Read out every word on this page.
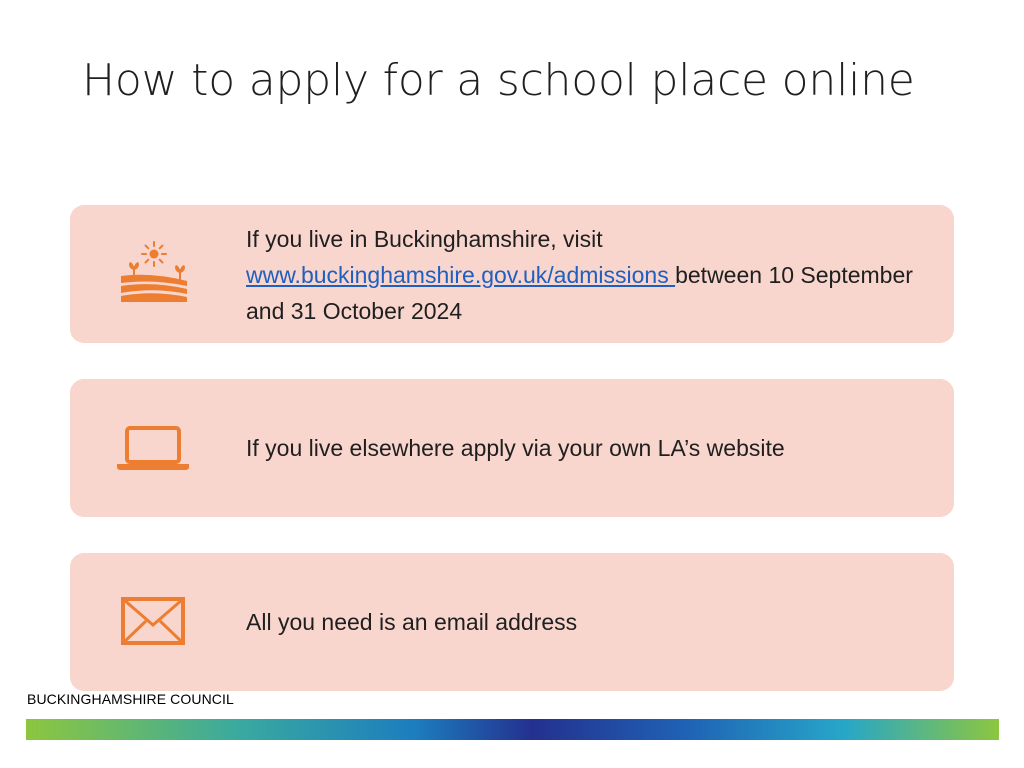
How to apply for a school place online
If you live in Buckinghamshire, visit www.buckinghamshire.gov.uk/admissions between 10 September and 31 October 2024
If you live elsewhere apply via your own LA’s website
All you need is an email address
BUCKINGHAMSHIRE COUNCIL
